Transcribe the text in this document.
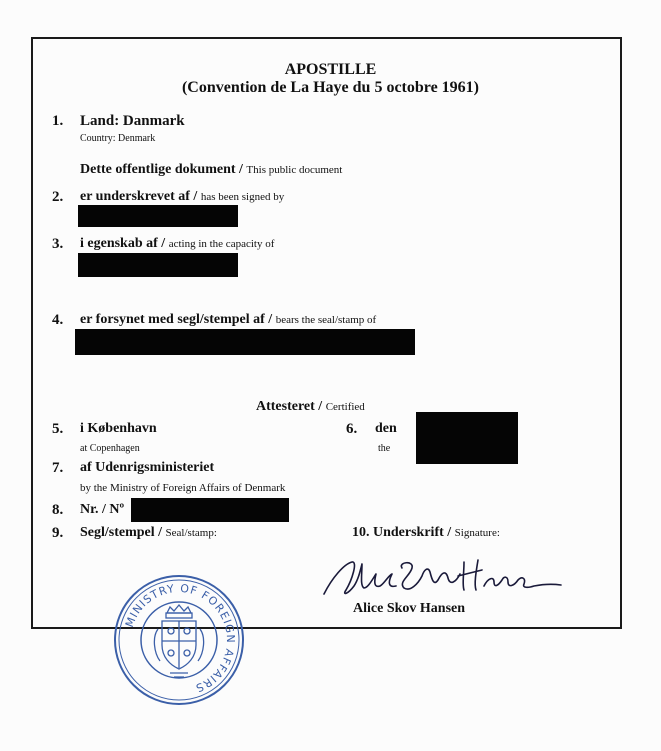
APOSTILLE
(Convention de La Haye du 5 octobre 1961)
1. Land: Danmark
Country: Denmark
Dette offentlige dokument / This public document
2. er underskrevet af / has been signed by
3. i egenskab af / acting in the capacity of
4. er forsynet med segl/stempel af / bears the seal/stamp of
Attesteret / Certified
5. i København
at Copenhagen
6. den
the
7. af Udenrigsministeriet
by the Ministry of Foreign Affairs of Denmark
8. Nr. / Nº
9. Segl/stempel / Seal/stamp:	10. Underskrift / Signature:
Alice Skov Hansen
MINISTRY OF FOREIGN AFFAIRS
